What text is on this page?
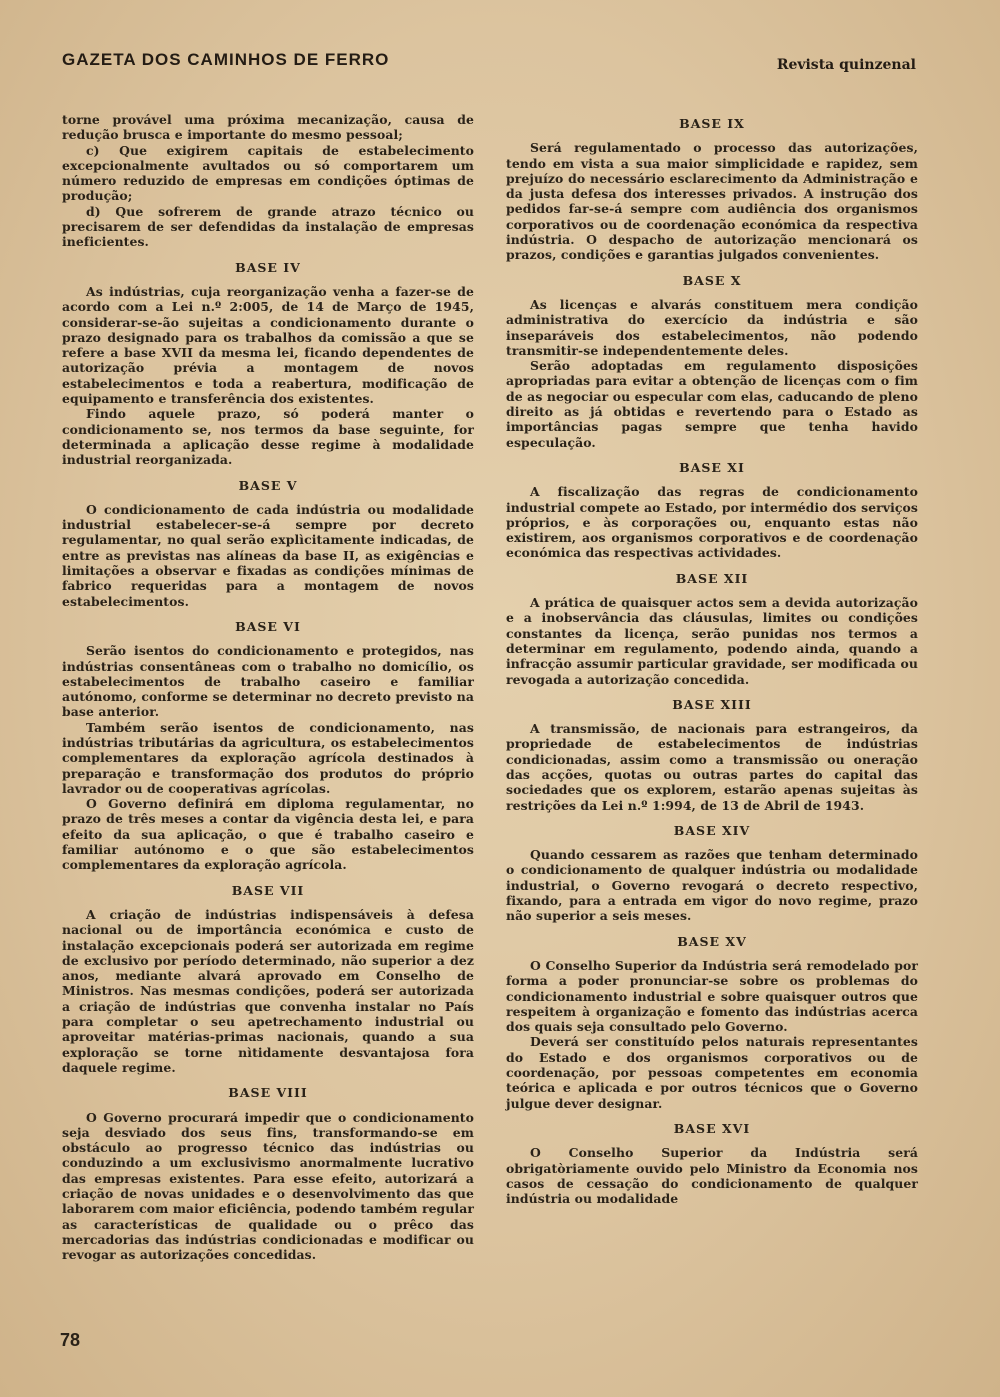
GAZETA DOS CAMINHOS DE FERRO	Revista quinzenal

torne provável uma próxima mecanização, causa de redução brusca e importante do mesmo pessoal;

c) Que exigirem capitais de estabelecimento excepcionalmente avultados ou só comportarem um número reduzido de empresas em condições óptimas de produção;

d) Que sofrerem de grande atrazo técnico ou precisarem de ser defendidas da instalação de empresas ineficientes.

BASE IV

As indústrias, cuja reorganização venha a fazer-se de acordo com a Lei n.º 2:005, de 14 de Março de 1945, considerar-se-ão sujeitas a condicionamento durante o prazo designado para os trabalhos da comissão a que se refere a base XVII da mesma lei, ficando dependentes de autorização prévia a montagem de novos estabelecimentos e toda a reabertura, modificação de equipamento e transferência dos existentes.

Findo aquele prazo, só poderá manter o condicionamento se, nos termos da base seguinte, for determinada a aplicação desse regime à modalidade industrial reorganizada.

BASE V

O condicionamento de cada indústria ou modalidade industrial estabelecer-se-á sempre por decreto regulamentar, no qual serão explìcitamente indicadas, de entre as previstas nas alíneas da base II, as exigências e limitações a observar e fixadas as condições mínimas de fabrico requeridas para a montagem de novos estabelecimentos.

BASE VI

Serão isentos do condicionamento e protegidos, nas indústrias consentâneas com o trabalho no domicílio, os estabelecimentos de trabalho caseiro e familiar autónomo, conforme se determinar no decreto previsto na base anterior.

Também serão isentos de condicionamento, nas indústrias tributárias da agricultura, os estabelecimentos complementares da exploração agrícola destinados à preparação e transformação dos produtos do próprio lavrador ou de cooperativas agrícolas.

O Governo definirá em diploma regulamentar, no prazo de três meses a contar da vigência desta lei, e para efeito da sua aplicação, o que é trabalho caseiro e familiar autónomo e o que são estabelecimentos complementares da exploração agrícola.

BASE VII

A criação de indústrias indispensáveis à defesa nacional ou de importância económica e custo de instalação excepcionais poderá ser autorizada em regime de exclusivo por período determinado, não superior a dez anos, mediante alvará aprovado em Conselho de Ministros. Nas mesmas condições, poderá ser autorizada a criação de indústrias que convenha instalar no País para completar o seu apetrechamento industrial ou aproveitar matérias-primas nacionais, quando a sua exploração se torne nìtidamente desvantajosa fora daquele regime.

BASE VIII

O Governo procurará impedir que o condicionamento seja desviado dos seus fins, transformando-se em obstáculo ao progresso técnico das indústrias ou conduzindo a um exclusivismo anormalmente lucrativo das empresas existentes. Para esse efeito, autorizará a criação de novas unidades e o desenvolvimento das que laborarem com maior eficiência, podendo também regular as características de qualidade ou o prêco das mercadorias das indústrias condicionadas e modificar ou revogar as autorizações concedidas.

BASE IX

Será regulamentado o processo das autorizações, tendo em vista a sua maior simplicidade e rapidez, sem prejuízo do necessário esclarecimento da Administração e da justa defesa dos interesses privados. A instrução dos pedidos far-se-á sempre com audiência dos organismos corporativos ou de coordenação económica da respectiva indústria. O despacho de autorização mencionará os prazos, condições e garantias julgados convenientes.

BASE X

As licenças e alvarás constituem mera condição administrativa do exercício da indústria e são inseparáveis dos estabelecimentos, não podendo transmitir-se independentemente deles.

Serão adoptadas em regulamento disposições apropriadas para evitar a obtenção de licenças com o fim de as negociar ou especular com elas, caducando de pleno direito as já obtidas e revertendo para o Estado as importâncias pagas sempre que tenha havido especulação.

BASE XI

A fiscalização das regras de condicionamento industrial compete ao Estado, por intermédio dos serviços próprios, e às corporações ou, enquanto estas não existirem, aos organismos corporativos e de coordenação económica das respectivas actividades.

BASE XII

A prática de quaisquer actos sem a devida autorização e a inobservância das cláusulas, limites ou condições constantes da licença, serão punidas nos termos a determinar em regulamento, podendo ainda, quando a infracção assumir particular gravidade, ser modificada ou revogada a autorização concedida.

BASE XIII

A transmissão, de nacionais para estrangeiros, da propriedade de estabelecimentos de indústrias condicionadas, assim como a transmissão ou oneração das acções, quotas ou outras partes do capital das sociedades que os explorem, estarão apenas sujeitas às restrições da Lei n.º 1:994, de 13 de Abril de 1943.

BASE XIV

Quando cessarem as razões que tenham determinado o condicionamento de qualquer indústria ou modalidade industrial, o Governo revogará o decreto respectivo, fixando, para a entrada em vigor do novo regime, prazo não superior a seis meses.

BASE XV

O Conselho Superior da Indústria será remodelado por forma a poder pronunciar-se sobre os problemas do condicionamento industrial e sobre quaisquer outros que respeitem à organização e fomento das indústrias acerca dos quais seja consultado pelo Governo.

Deverá ser constituído pelos naturais representantes do Estado e dos organismos corporativos ou de coordenação, por pessoas competentes em economia teórica e aplicada e por outros técnicos que o Governo julgue dever designar.

BASE XVI

O Conselho Superior da Indústria será obrigatòriamente ouvido pelo Ministro da Economia nos casos de cessação do condicionamento de qualquer indústria ou modalidade

78
